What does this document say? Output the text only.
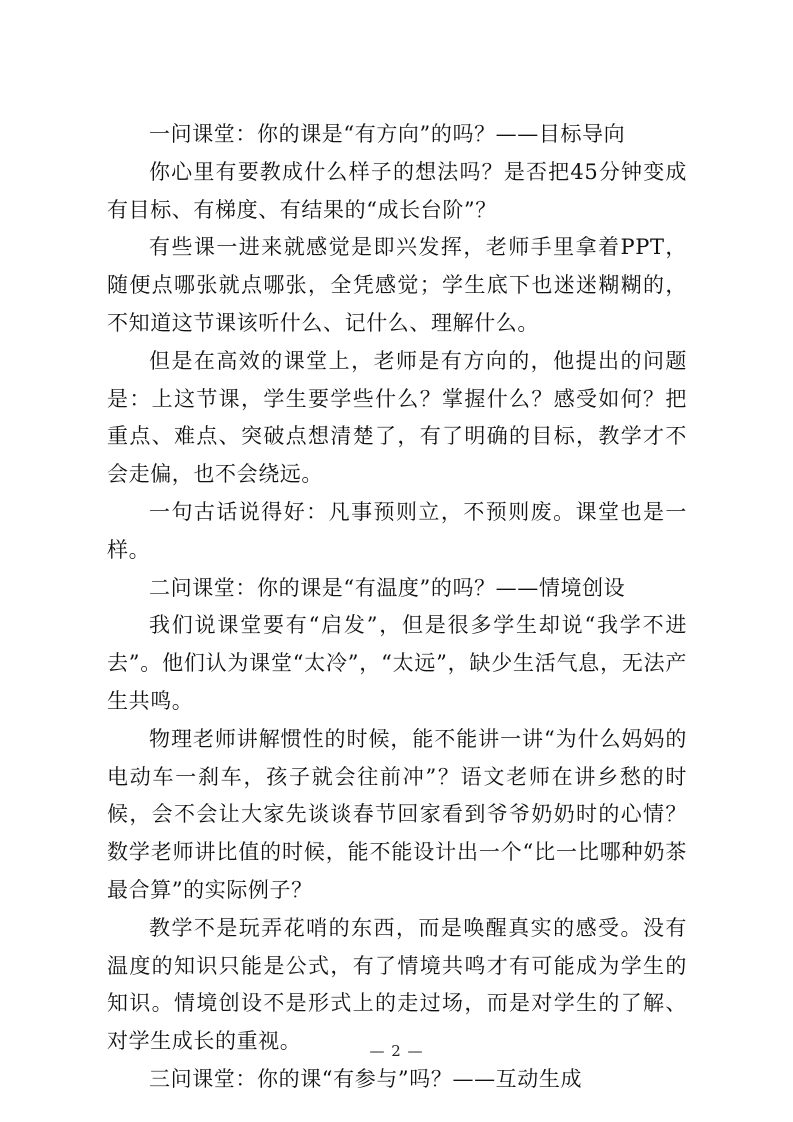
一问课堂：你的课是“有方向”的吗？——目标导向

你心里有要教成什么样子的想法吗？是否把45分钟变成有目标、有梯度、有结果的“成长台阶”？

有些课一进来就感觉是即兴发挥，老师手里拿着PPT，随便点哪张就点哪张，全凭感觉；学生底下也迷迷糊糊的，不知道这节课该听什么、记什么、理解什么。

但是在高效的课堂上，老师是有方向的，他提出的问题是：上这节课，学生要学些什么？掌握什么？感受如何？把重点、难点、突破点想清楚了，有了明确的目标，教学才不会走偏，也不会绕远。

一句古话说得好：凡事预则立，不预则废。课堂也是一样。

二问课堂：你的课是“有温度”的吗？——情境创设

我们说课堂要有“启发”，但是很多学生却说“我学不进去”。他们认为课堂“太冷”，“太远”，缺少生活气息，无法产生共鸣。

物理老师讲解惯性的时候，能不能讲一讲“为什么妈妈的电动车一刹车，孩子就会往前冲”？语文老师在讲乡愁的时候，会不会让大家先谈谈春节回家看到爷爷奶奶时的心情？数学老师讲比值的时候，能不能设计出一个“比一比哪种奶茶最合算”的实际例子？

教学不是玩弄花哨的东西，而是唤醒真实的感受。没有温度的知识只能是公式，有了情境共鸣才有可能成为学生的知识。情境创设不是形式上的走过场，而是对学生的了解、对学生成长的重视。

三问课堂：你的课“有参与”吗？——互动生成

— 2 —
